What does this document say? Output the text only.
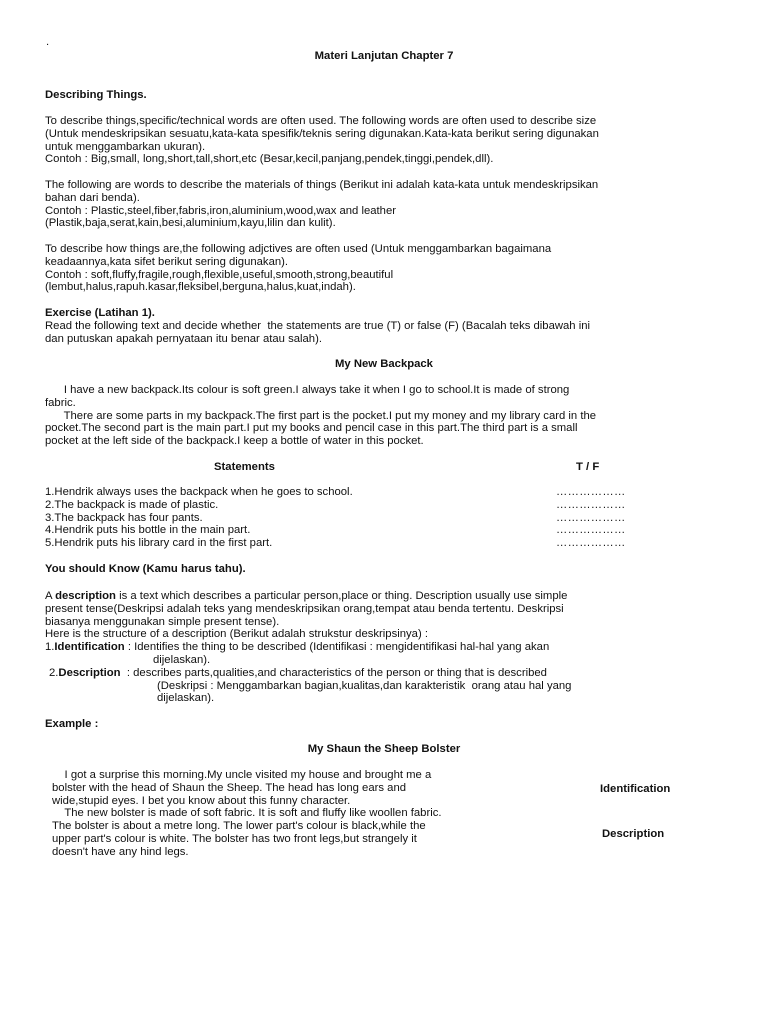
.
Materi Lanjutan Chapter 7
Describing Things.
To describe things,specific/technical words are often used. The following words are often used to describe size
(Untuk mendeskripsikan sesuatu,kata-kata spesifik/teknis sering digunakan.Kata-kata berikut sering digunakan
untuk menggambarkan ukuran).
Contoh : Big,small, long,short,tall,short,etc (Besar,kecil,panjang,pendek,tinggi,pendek,dll).
The following are words to describe the materials of things (Berikut ini adalah kata-kata untuk mendeskripsikan
bahan dari benda).
Contoh : Plastic,steel,fiber,fabris,iron,aluminium,wood,wax and leather
(Plastik,baja,serat,kain,besi,aluminium,kayu,lilin dan kulit).
To describe how things are,the following adjctives are often used (Untuk menggambarkan bagaimana
keadaannya,kata sifet berikut sering digunakan).
Contoh : soft,fluffy,fragile,rough,flexible,useful,smooth,strong,beautiful
(lembut,halus,rapuh.kasar,fleksibel,berguna,halus,kuat,indah).
Exercise (Latihan 1).
Read the following text and decide whether  the statements are true (T) or false (F) (Bacalah teks dibawah ini
dan putuskan apakah pernyataan itu benar atau salah).
My New Backpack
I have a new backpack.Its colour is soft green.I always take it when I go to school.It is made of strong
fabric.
There are some parts in my backpack.The first part is the pocket.I put my money and my library card in the
pocket.The second part is the main part.I put my books and pencil case in this part.The third part is a small
pocket at the left side of the backpack.I keep a bottle of water in this pocket.
Statements	T / F
1.Hendrik always uses the backpack when he goes to school.	………………
2.The backpack is made of plastic.	………………
3.The backpack has four pants.	………………
4.Hendrik puts his bottle in the main part.	………………
5.Hendrik puts his library card in the first part.	………………
You should Know (Kamu harus tahu).
A description is a text which describes a particular person,place or thing. Description usually use simple
present tense(Deskripsi adalah teks yang mendeskripsikan orang,tempat atau benda tertentu. Deskripsi
biasanya menggunakan simple present tense).
Here is the structure of a description (Berikut adalah strukstur deskripsinya) :
1.Identification : Identifies the thing to be described (Identifikasi : mengidentifikasi hal-hal yang akan
dijelaskan).
2.Description  : describes parts,qualities,and characteristics of the person or thing that is described
(Deskripsi : Menggambarkan bagian,kualitas,dan karakteristik  orang atau hal yang
dijelaskan).
Example :
My Shaun the Sheep Bolster
I got a surprise this morning.My uncle visited my house and brought me a
bolster with the head of Shaun the Sheep. The head has long ears and
wide,stupid eyes. I bet you know about this funny character.
The new bolster is made of soft fabric. It is soft and fluffy like woollen fabric.
The bolster is about a metre long. The lower part's colour is black,while the
upper part's colour is white. The bolster has two front legs,but strangely it
doesn't have any hind legs.
Identification
Description
